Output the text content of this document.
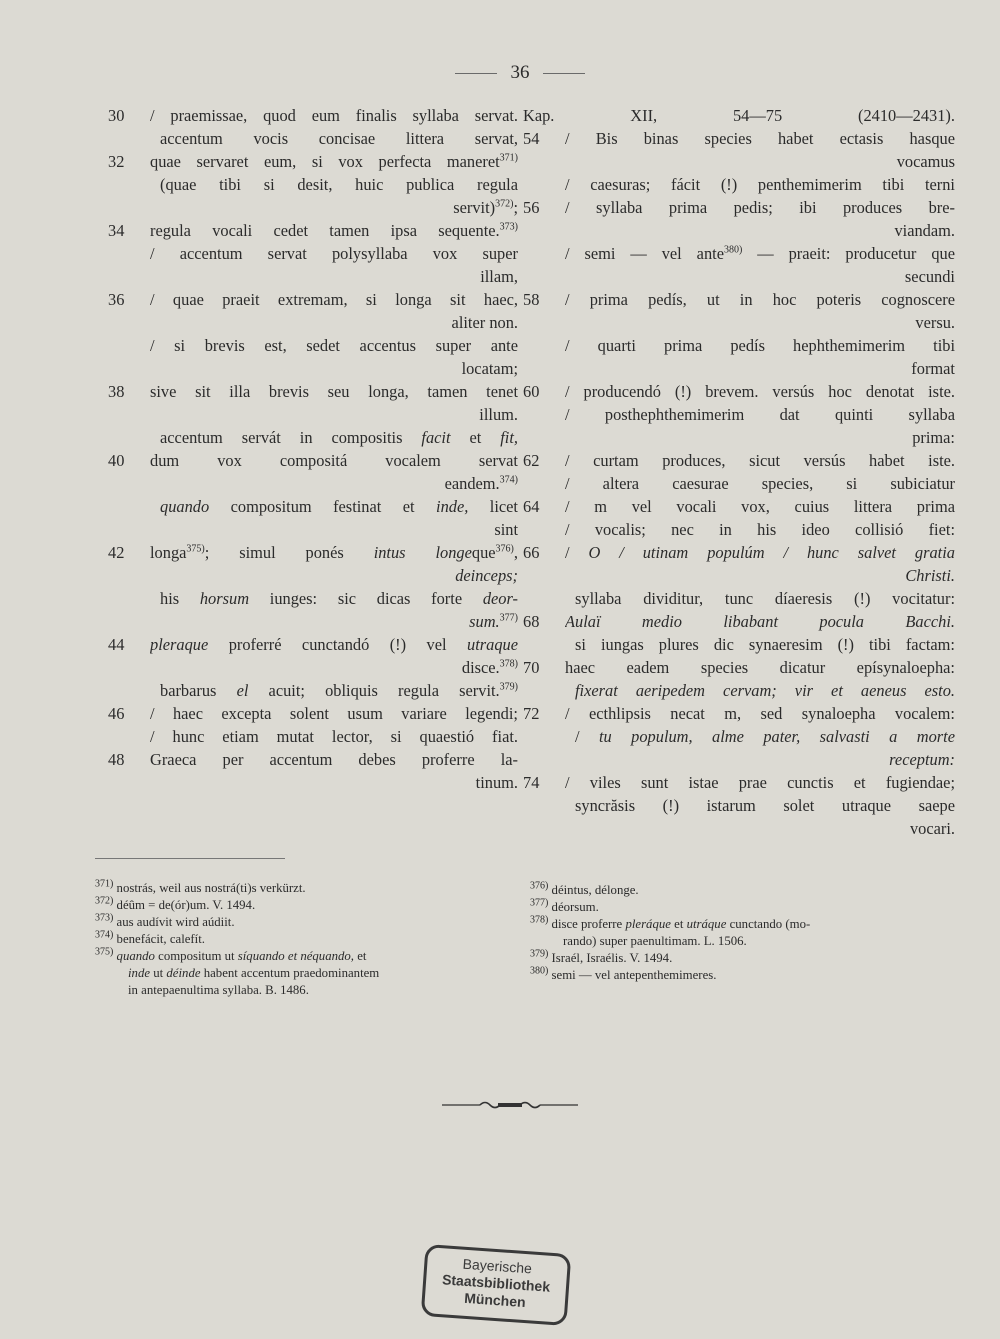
36
30	/ praemissae, quod eum finalis syllaba servat.
accentum vocis concisae littera servat,
32	quae servaret eum, si vox perfecta maneret$^{371)}$
(quae tibi si desit, huic publica regula
servit)$^{372)}$;
34	regula vocali cedet tamen ipsa sequente.$^{373)}$
/ accentum servat polysyllaba vox super
illam,
36	/ quae praeit extremam, si longa sit haec,
aliter non.
/ si brevis est, sedet accentus super ante
locatam;
38	sive sit illa brevis seu longa, tamen tenet
illum.
accentum servát in compositis facit et fit,
40	dum vox compositá vocalem servat
eandem.$^{374)}$
quando compositum festinat et inde, licet
sint
42	longa$^{375)}$; simul ponés intus longeque$^{376)}$,
deinceps;
his horsum iunges: sic dicas forte deor-
sum.$^{377)}$
44	pleraque proferré cunctandó (!) vel utraque
disce.$^{378)}$
barbarus el acuit; obliquis regula servit.$^{379)}$
46	/ haec excepta solent usum variare legendi;
/ hunc etiam mutat lector, si quaestió fiat.
48	Graeca per accentum debes proferre la-
tinum.
Kap. XII, 54—75 (2410—2431).
54	/ Bis binas species habet ectasis hasque
vocamus
/ caesuras; fácit (!) penthemimerim tibi terni
56	/ syllaba prima pedis; ibi produces bre-
viandam.
/ semi — vel ante$^{380)}$ — praeit: producetur que
secundi
58	/ prima pedís, ut in hoc poteris cognoscere
versu.
/ quarti prima pedís hephthemimerim tibi
format
60	/ producendó (!) brevem. versús hoc denotat iste.
/ posthephthemimerim dat quinti syllaba
prima:
62	/ curtam produces, sicut versús habet iste.
/ altera caesurae species, si subiciatur
64	/ m vel vocali vox, cuius littera prima
/ vocalis; nec in his ideo collisió fiet:
66	/ O / utinam populúm / hunc salvet gratia
Christi.
syllaba dividitur, tunc díaeresis (!) vocitatur:
68	Aulaï medio libabant pocula Bacchi.
si iungas plures dic synaeresim (!) tibi factam:
70	haec eadem species dicatur epísynaloepha:
fixerat aeripedem cervam; vir et aeneus esto.
72	/ ecthlipsis necat m, sed synaloepha vocalem:
/ tu populum, alme pater, salvasti a morte
receptum:
74	/ viles sunt istae prae cunctis et fugiendae;
syncrăsis (!) istarum solet utraque saepe
vocari.
$^{371)}$ nostrás, weil aus nostrá(ti)s verkürzt.
$^{372)}$ déûm = de(ór)um. V. 1494.
$^{373)}$ aus audívit wird aúdiit.
$^{374)}$ benefácit, calefít.
$^{375)}$ quando compositum ut síquando et néquando, et
inde ut déinde habent accentum praedominantem
in antepaenultima syllaba. B. 1486.
$^{376)}$ déintus, délonge.
$^{377)}$ déorsum.
$^{378)}$ disce proferre pleráque et utráque cunctando (mo-
rando) super paenultimam. L. 1506.
$^{379)}$ Israél, Israélis. V. 1494.
$^{380)}$ semi — vel antepenthemimeres.
Bayerische
Staatsbibliothek
München
